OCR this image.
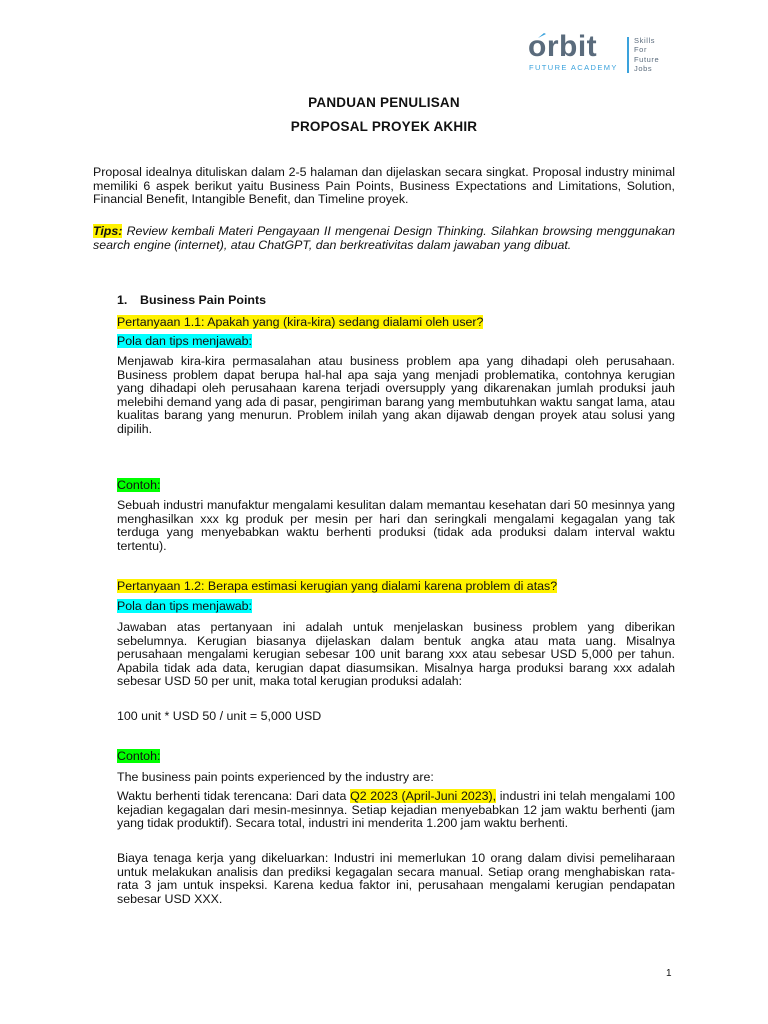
orbit
FUTURE ACADEMY
Skills
For
Future
Jobs
PANDUAN PENULISAN
PROPOSAL PROYEK AKHIR
Proposal idealnya dituliskan dalam 2-5 halaman dan dijelaskan secara singkat. Proposal industry minimal memiliki 6 aspek berikut yaitu Business Pain Points, Business Expectations and Limitations, Solution, Financial Benefit, Intangible Benefit, dan Timeline proyek.
Tips: Review kembali Materi Pengayaan II mengenai Design Thinking. Silahkan browsing menggunakan search engine (internet), atau ChatGPT, dan berkreativitas dalam jawaban yang dibuat.
1. Business Pain Points
Pertanyaan 1.1: Apakah yang (kira-kira) sedang dialami oleh user?
Pola dan tips menjawab:
Menjawab kira-kira permasalahan atau business problem apa yang dihadapi oleh perusahaan. Business problem dapat berupa hal-hal apa saja yang menjadi problematika, contohnya kerugian yang dihadapi oleh perusahaan karena terjadi oversupply yang dikarenakan jumlah produksi jauh melebihi demand yang ada di pasar, pengiriman barang yang membutuhkan waktu sangat lama, atau kualitas barang yang menurun. Problem inilah yang akan dijawab dengan proyek atau solusi yang dipilih.
Contoh:
Sebuah industri manufaktur mengalami kesulitan dalam memantau kesehatan dari 50 mesinnya yang menghasilkan xxx kg produk per mesin per hari dan seringkali mengalami kegagalan yang tak terduga yang menyebabkan waktu berhenti produksi (tidak ada produksi dalam interval waktu tertentu).
Pertanyaan 1.2: Berapa estimasi kerugian yang dialami karena problem di atas?
Pola dan tips menjawab:
Jawaban atas pertanyaan ini adalah untuk menjelaskan business problem yang diberikan sebelumnya. Kerugian biasanya dijelaskan dalam bentuk angka atau mata uang. Misalnya perusahaan mengalami kerugian sebesar 100 unit barang xxx atau sebesar USD 5,000 per tahun. Apabila tidak ada data, kerugian dapat diasumsikan. Misalnya harga produksi barang xxx adalah sebesar USD 50 per unit, maka total kerugian produksi adalah:
100 unit * USD 50 / unit = 5,000 USD
Contoh:
The business pain points experienced by the industry are:
Waktu berhenti tidak terencana: Dari data Q2 2023 (April-Juni 2023), industri ini telah mengalami 100 kejadian kegagalan dari mesin-mesinnya. Setiap kejadian menyebabkan 12 jam waktu berhenti (jam yang tidak produktif). Secara total, industri ini menderita 1.200 jam waktu berhenti.
Biaya tenaga kerja yang dikeluarkan: Industri ini memerlukan 10 orang dalam divisi pemeliharaan untuk melakukan analisis dan prediksi kegagalan secara manual. Setiap orang menghabiskan rata-rata 3 jam untuk inspeksi. Karena kedua faktor ini, perusahaan mengalami kerugian pendapatan sebesar USD XXX.
1
